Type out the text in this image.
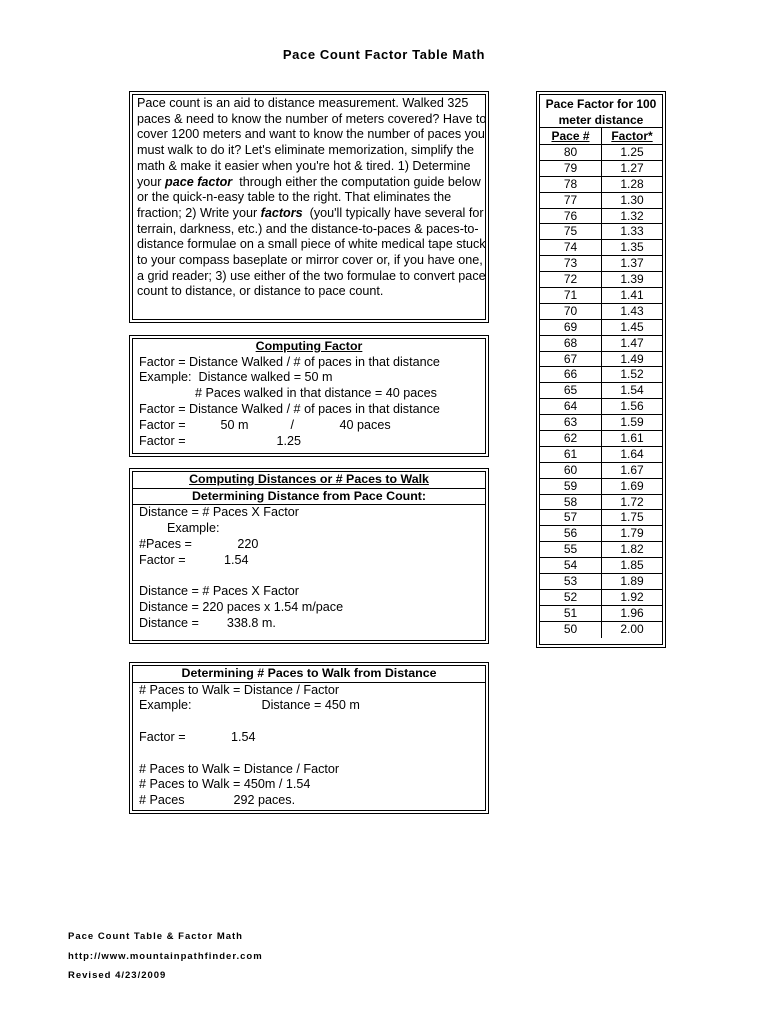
Pace Count Factor Table Math
Pace count is an aid to distance measurement. Walked 325
paces & need to know the number of meters covered? Have to
cover 1200 meters and want to know the number of paces you
must walk to do it? Let's eliminate memorization, simplify the
math & make it easier when you're hot & tired. 1) Determine
your pace factor  through either the computation guide below
or the quick-n-easy table to the right. That eliminates the
fraction; 2) Write your factors  (you'll typically have several for
terrain, darkness, etc.) and the distance-to-paces & paces-to-
distance formulae on a small piece of white medical tape stuck
to your compass baseplate or mirror cover or, if you have one,
a grid reader; 3) use either of the two formulae to convert pace
count to distance, or distance to pace count.
Computing Factor
Factor = Distance Walked / # of paces in that distance
Example:  Distance walked = 50 m
# Paces walked in that distance = 40 paces
Factor = Distance Walked / # of paces in that distance
Factor =          50 m            /             40 paces
Factor =                          1.25
Computing Distances or # Paces to Walk
Determining Distance from Pace Count:
Distance = # Paces X Factor
Example:
#Paces =             220
Factor =           1.54

Distance = # Paces X Factor
Distance = 220 paces x 1.54 m/pace
Distance =        338.8 m.
Determining # Paces to Walk from Distance
# Paces to Walk = Distance / Factor
Example:                    Distance = 450 m

Factor =             1.54

# Paces to Walk = Distance / Factor
# Paces to Walk = 450m / 1.54
# Paces              292 paces.
Pace Factor for 100
meter distance
Pace #	Factor*
80	1.25
79	1.27
78	1.28
77	1.30
76	1.32
75	1.33
74	1.35
73	1.37
72	1.39
71	1.41
70	1.43
69	1.45
68	1.47
67	1.49
66	1.52
65	1.54
64	1.56
63	1.59
62	1.61
61	1.64
60	1.67
59	1.69
58	1.72
57	1.75
56	1.79
55	1.82
54	1.85
53	1.89
52	1.92
51	1.96
50	2.00
Pace Count Table & Factor Math
http://www.mountainpathfinder.com
Revised 4/23/2009
